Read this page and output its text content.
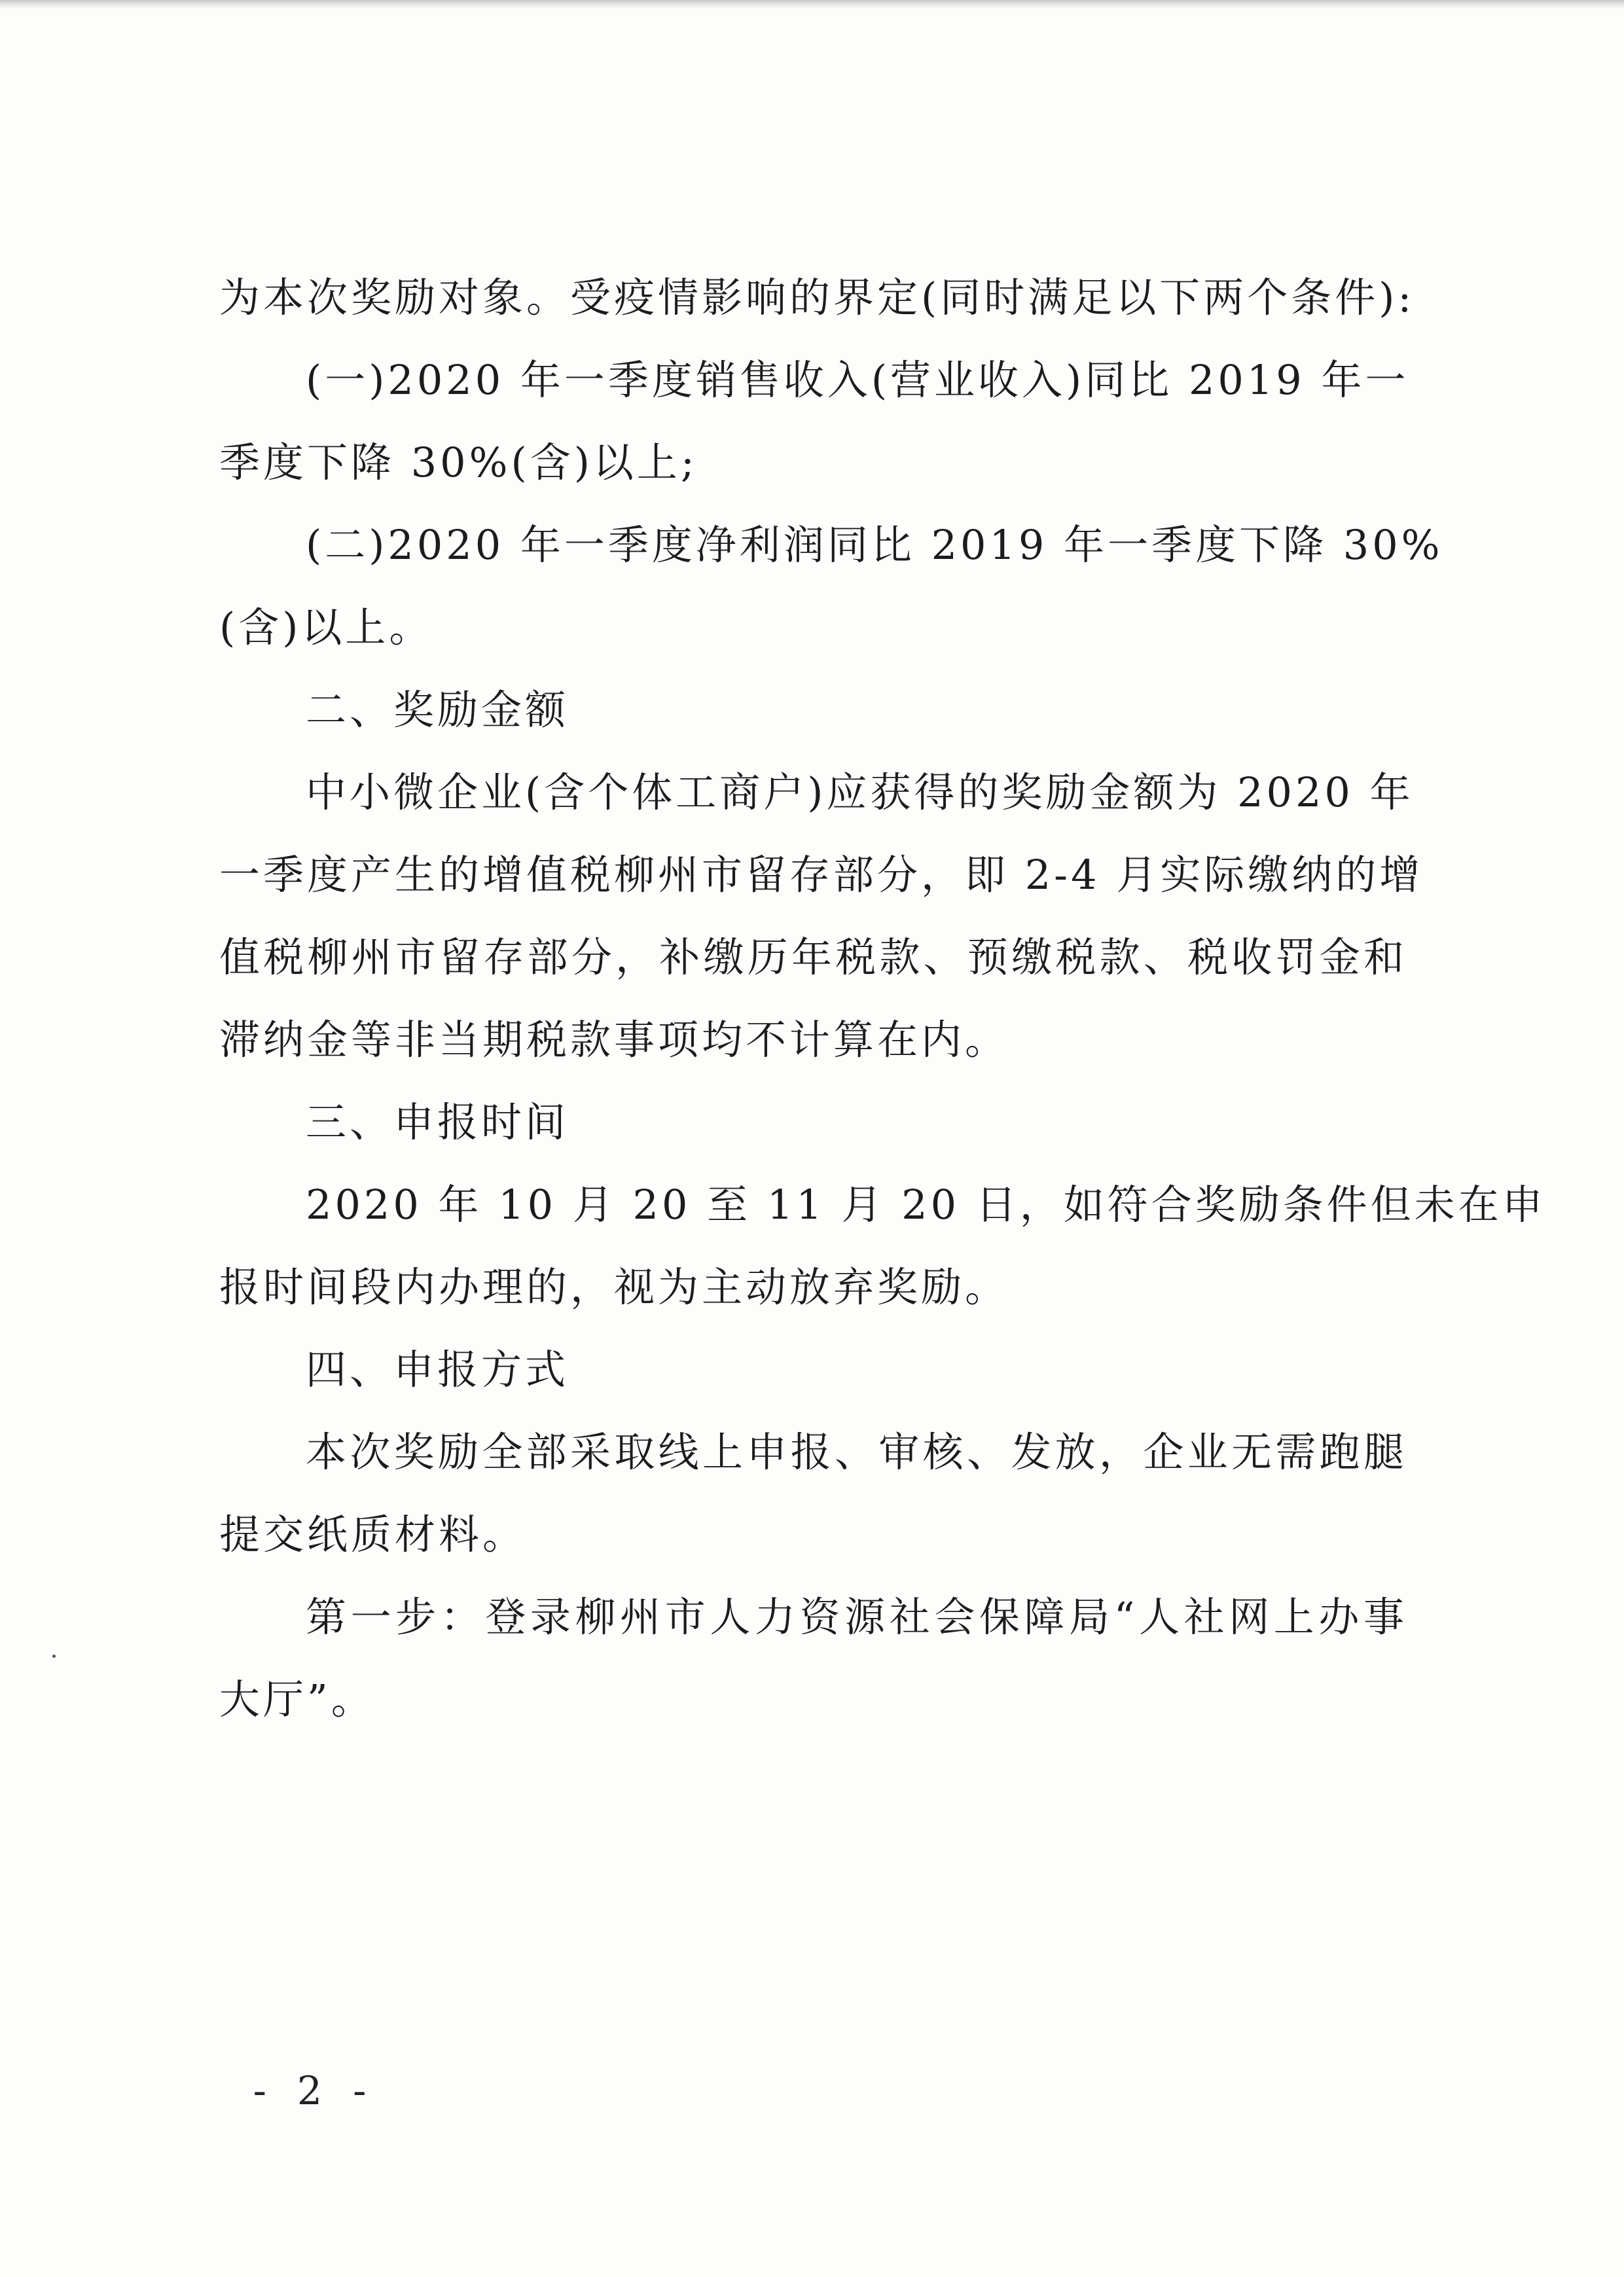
为本次奖励对象。受疫情影响的界定(同时满足以下两个条件):
(一)2020 年一季度销售收入(营业收入)同比 2019 年一
季度下降 30%(含)以上;
(二)2020 年一季度净利润同比 2019 年一季度下降 30%
(含)以上。
二、奖励金额
中小微企业(含个体工商户)应获得的奖励金额为 2020 年
一季度产生的增值税柳州市留存部分，即 2-4 月实际缴纳的增
值税柳州市留存部分，补缴历年税款、预缴税款、税收罚金和
滞纳金等非当期税款事项均不计算在内。
三、申报时间
2020 年 10 月 20 至 11 月 20 日，如符合奖励条件但未在申
报时间段内办理的，视为主动放弃奖励。
四、申报方式
本次奖励全部采取线上申报、审核、发放，企业无需跑腿
提交纸质材料。
第一步：登录柳州市人力资源社会保障局“人社网上办事
大厅”。
- 2 -
